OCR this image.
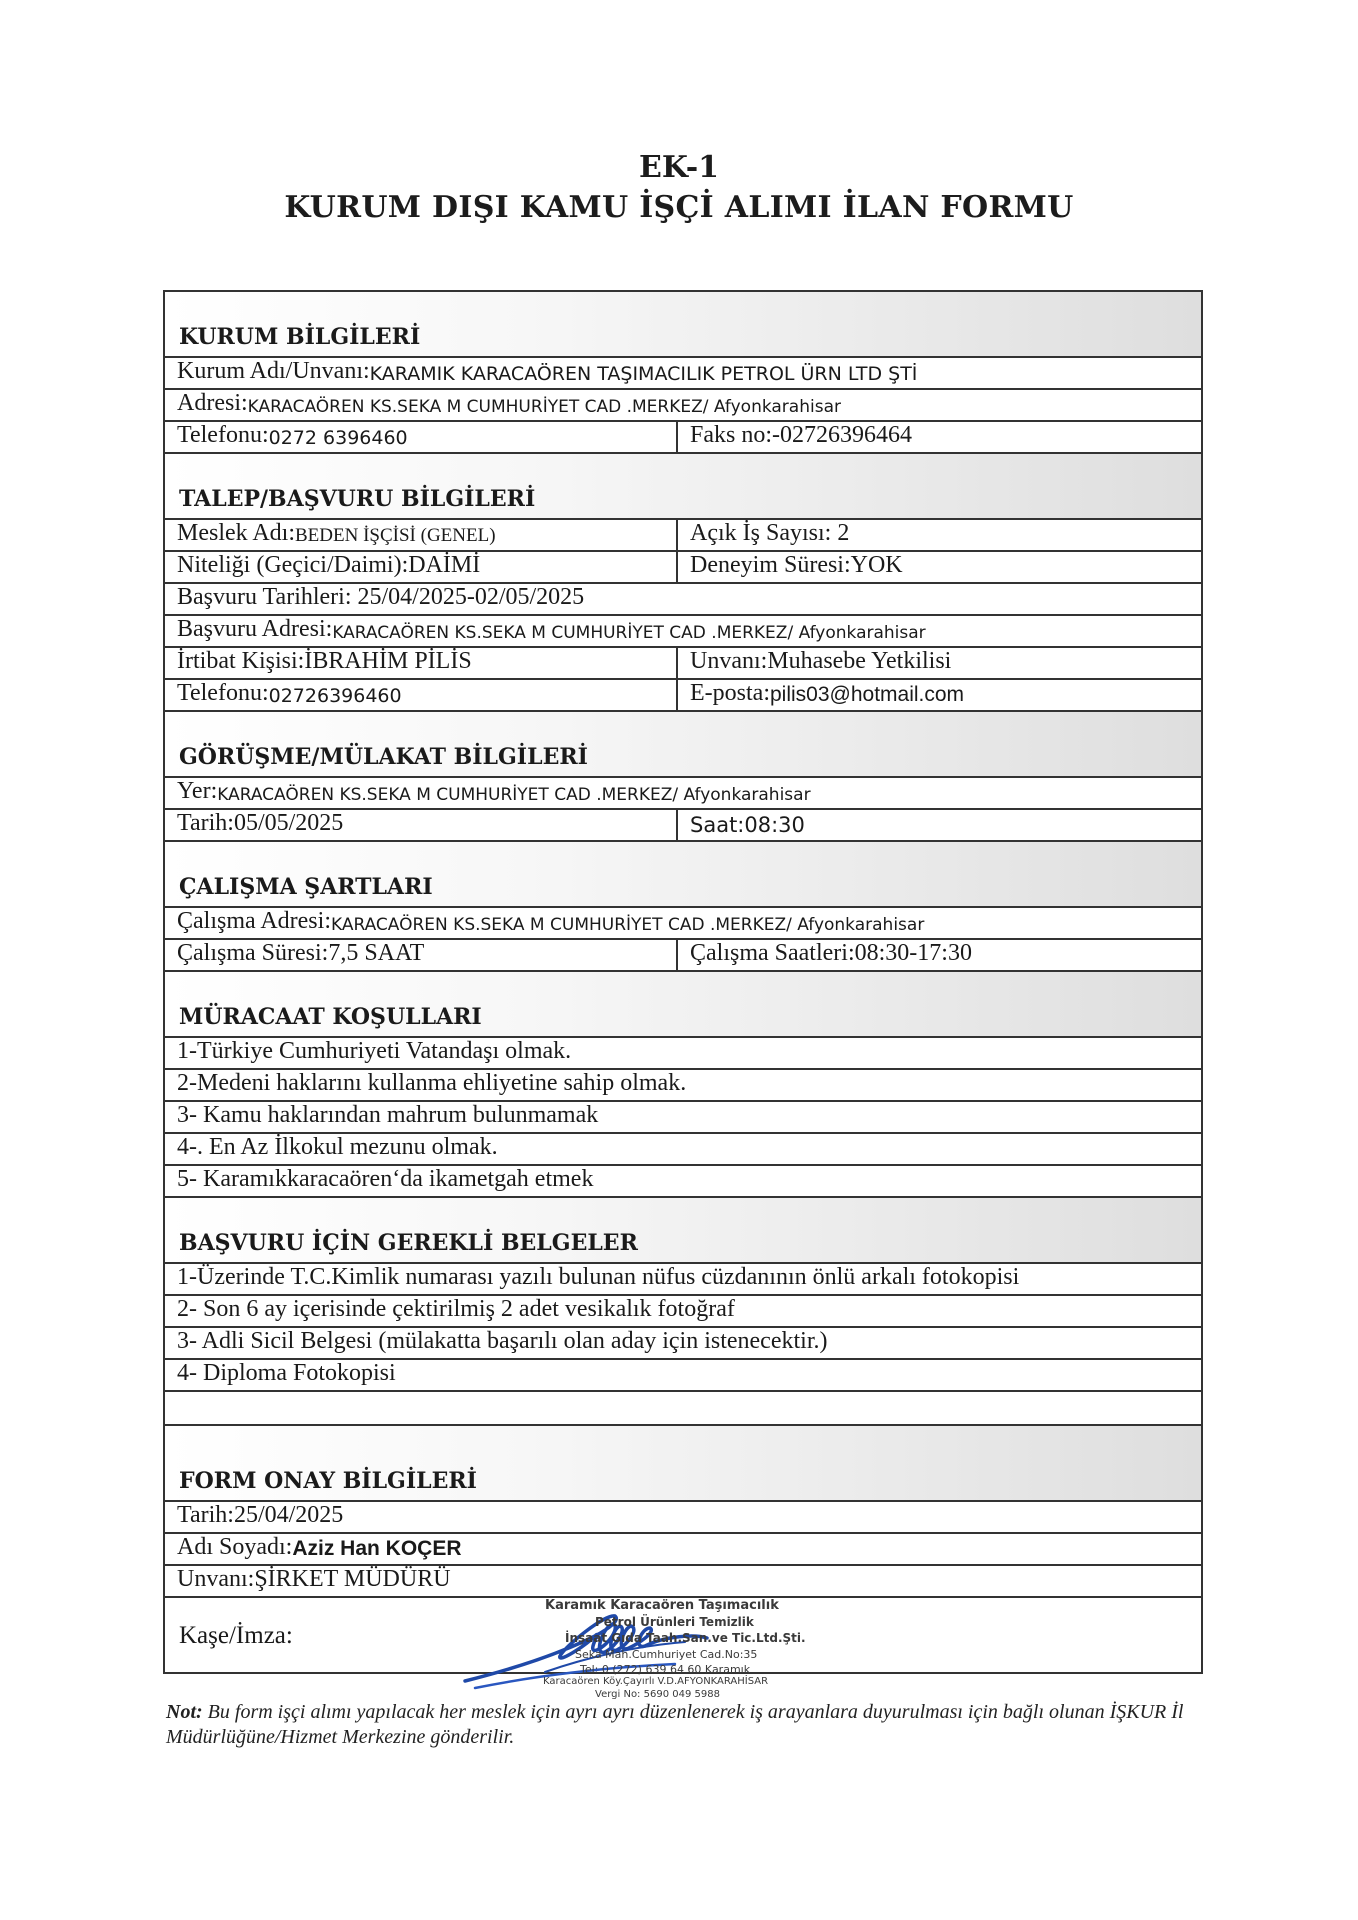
EK-1
KURUM DIŞI KAMU İŞÇİ ALIMI İLAN FORMU
KURUM BİLGİLERİ
Kurum Adı/Unvanı: KARAMIK KARACAÖREN TAŞIMACILIK PETROL ÜRN LTD ŞTİ
Adresi: KARACAÖREN KS.SEKA M CUMHURİYET CAD .MERKEZ/ Afyonkarahisar
Telefonu: 0272 6396460	Faks no:-02726396464
TALEP/BAŞVURU BİLGİLERİ
Meslek Adı: BEDEN İŞÇİSİ (GENEL)	Açık İş Sayısı: 2
Niteliği (Geçici/Daimi):DAİMİ	Deneyim Süresi:YOK
Başvuru Tarihleri: 25/04/2025-02/05/2025
Başvuru Adresi: KARACAÖREN KS.SEKA M CUMHURİYET CAD .MERKEZ/ Afyonkarahisar
İrtibat Kişisi:İBRAHİM PİLİS	Unvanı:Muhasebe Yetkilisi
Telefonu: 02726396460	E-posta: pilis03@hotmail.com
GÖRÜŞME/MÜLAKAT BİLGİLERİ
Yer: KARACAÖREN KS.SEKA M CUMHURİYET CAD .MERKEZ/ Afyonkarahisar
Tarih:05/05/2025	Saat:08:30
ÇALIŞMA ŞARTLARI
Çalışma Adresi: KARACAÖREN KS.SEKA M CUMHURİYET CAD .MERKEZ/ Afyonkarahisar
Çalışma Süresi:7,5 SAAT	Çalışma Saatleri:08:30-17:30
MÜRACAAT KOŞULLARI
1-Türkiye Cumhuriyeti Vatandaşı olmak.
2-Medeni haklarını kullanma ehliyetine sahip olmak.
3- Kamu haklarından mahrum bulunmamak
4-. En Az İlkokul mezunu olmak.
5- Karamıkkaracaören‘da ikametgah etmek
BAŞVURU İÇİN GEREKLİ BELGELER
1-Üzerinde T.C.Kimlik numarası yazılı bulunan nüfus cüzdanının önlü arkalı fotokopisi
2- Son 6 ay içerisinde çektirilmiş 2 adet vesikalık fotoğraf
3- Adli Sicil Belgesi (mülakatta başarılı olan aday için istenecektir.)
4- Diploma Fotokopisi
FORM ONAY BİLGİLERİ
Tarih:25/04/2025
Adı Soyadı: Aziz Han KOÇER
Unvanı:ŞİRKET MÜDÜRÜ
Kaşe/İmza:
Karamık Karacaören Taşımacılık
Petrol Ürünleri Temizlik
İnşaat Gıda Taah.San.ve Tic.Ltd.Şti.
Seka Mah.Cumhuriyet Cad.No:35
Tel: 0 (272) 639 64 60 Karamık
Karacaören Köy.Çayırlı V.D.AFYONKARAHİSAR
Vergi No: 5690 049 5988
Not: Bu form işçi alımı yapılacak her meslek için ayrı ayrı düzenlenerek iş arayanlara duyurulması için bağlı olunan İŞKUR İl Müdürlüğüne/Hizmet Merkezine gönderilir.
